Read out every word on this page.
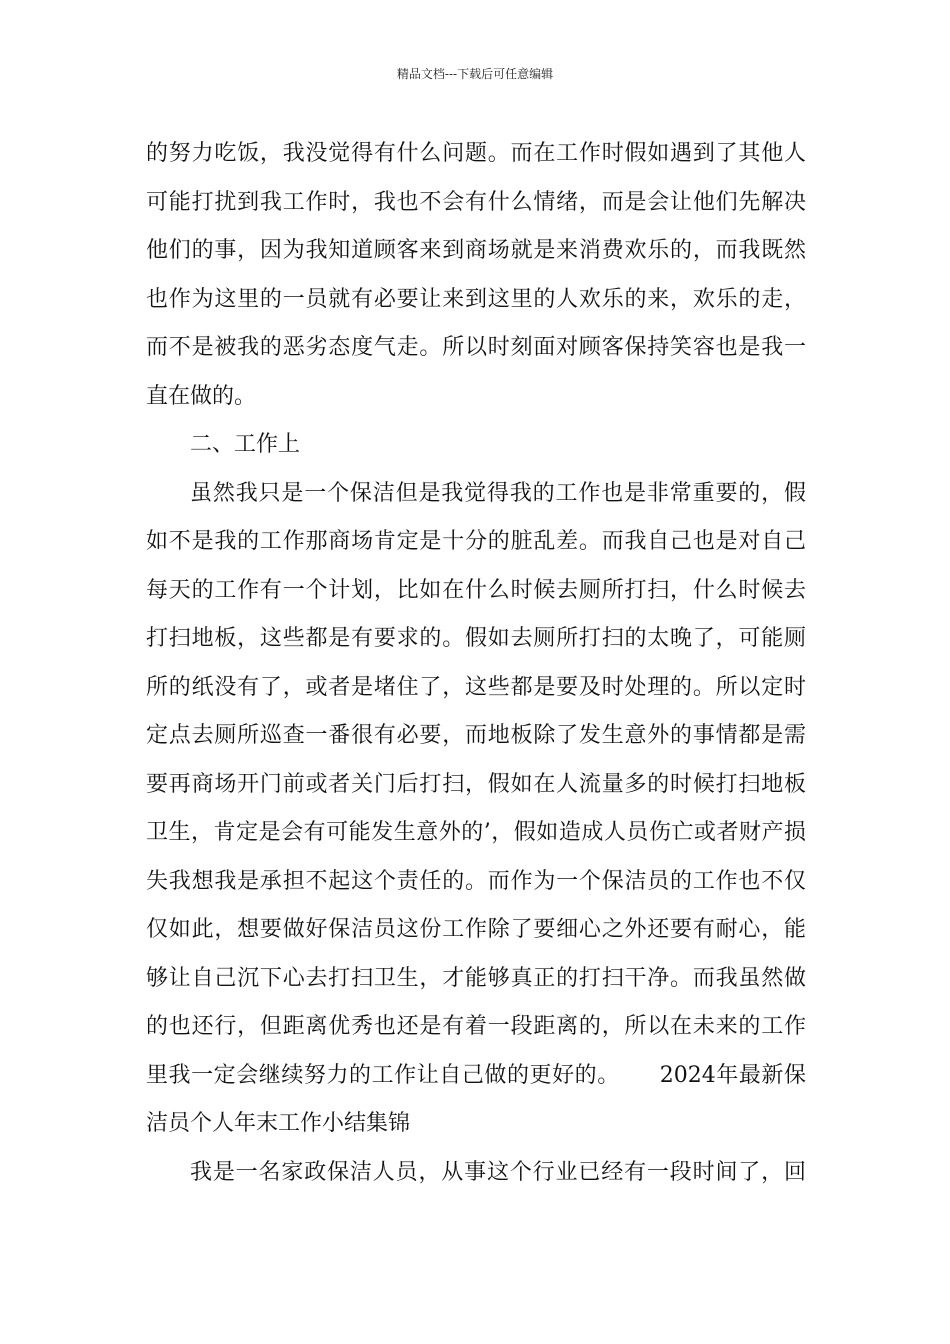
精品文档---下载后可任意编辑
的努力吃饭，我没觉得有什么问题。而在工作时假如遇到了其他人
可能打扰到我工作时，我也不会有什么情绪，而是会让他们先解决
他们的事，因为我知道顾客来到商场就是来消费欢乐的，而我既然
也作为这里的一员就有必要让来到这里的人欢乐的来，欢乐的走，
而不是被我的恶劣态度气走。所以时刻面对顾客保持笑容也是我一
直在做的。
二、工作上
虽然我只是一个保洁但是我觉得我的工作也是非常重要的，假
如不是我的工作那商场肯定是十分的脏乱差。而我自己也是对自己
每天的工作有一个计划，比如在什么时候去厕所打扫，什么时候去
打扫地板，这些都是有要求的。假如去厕所打扫的太晚了，可能厕
所的纸没有了，或者是堵住了，这些都是要及时处理的。所以定时
定点去厕所巡查一番很有必要，而地板除了发生意外的事情都是需
要再商场开门前或者关门后打扫，假如在人流量多的时候打扫地板
卫生，肯定是会有可能发生意外的’，假如造成人员伤亡或者财产损
失我想我是承担不起这个责任的。而作为一个保洁员的工作也不仅
仅如此，想要做好保洁员这份工作除了要细心之外还要有耐心，能
够让自己沉下心去打扫卫生，才能够真正的打扫干净。而我虽然做
的也还行，但距离优秀也还是有着一段距离的，所以在未来的工作
里我一定会继续努力的工作让自己做的更好的。 2024年最新保
洁员个人年末工作小结集锦
我是一名家政保洁人员，从事这个行业已经有一段时间了，回
